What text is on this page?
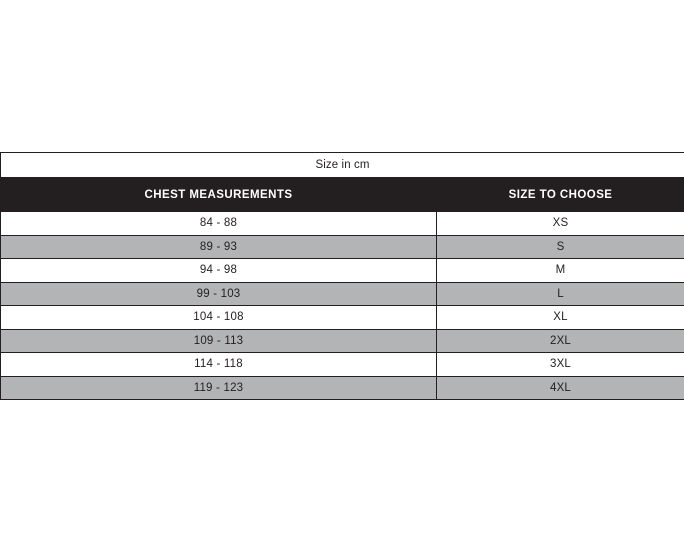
Size in cm	
CHEST MEASUREMENTS	SIZE TO CHOOSE
84 - 88	XS
89 - 93	S
94 - 98	M
99 - 103	L
104 - 108	XL
109 - 113	2XL
114 - 118	3XL
119 - 123	4XL
